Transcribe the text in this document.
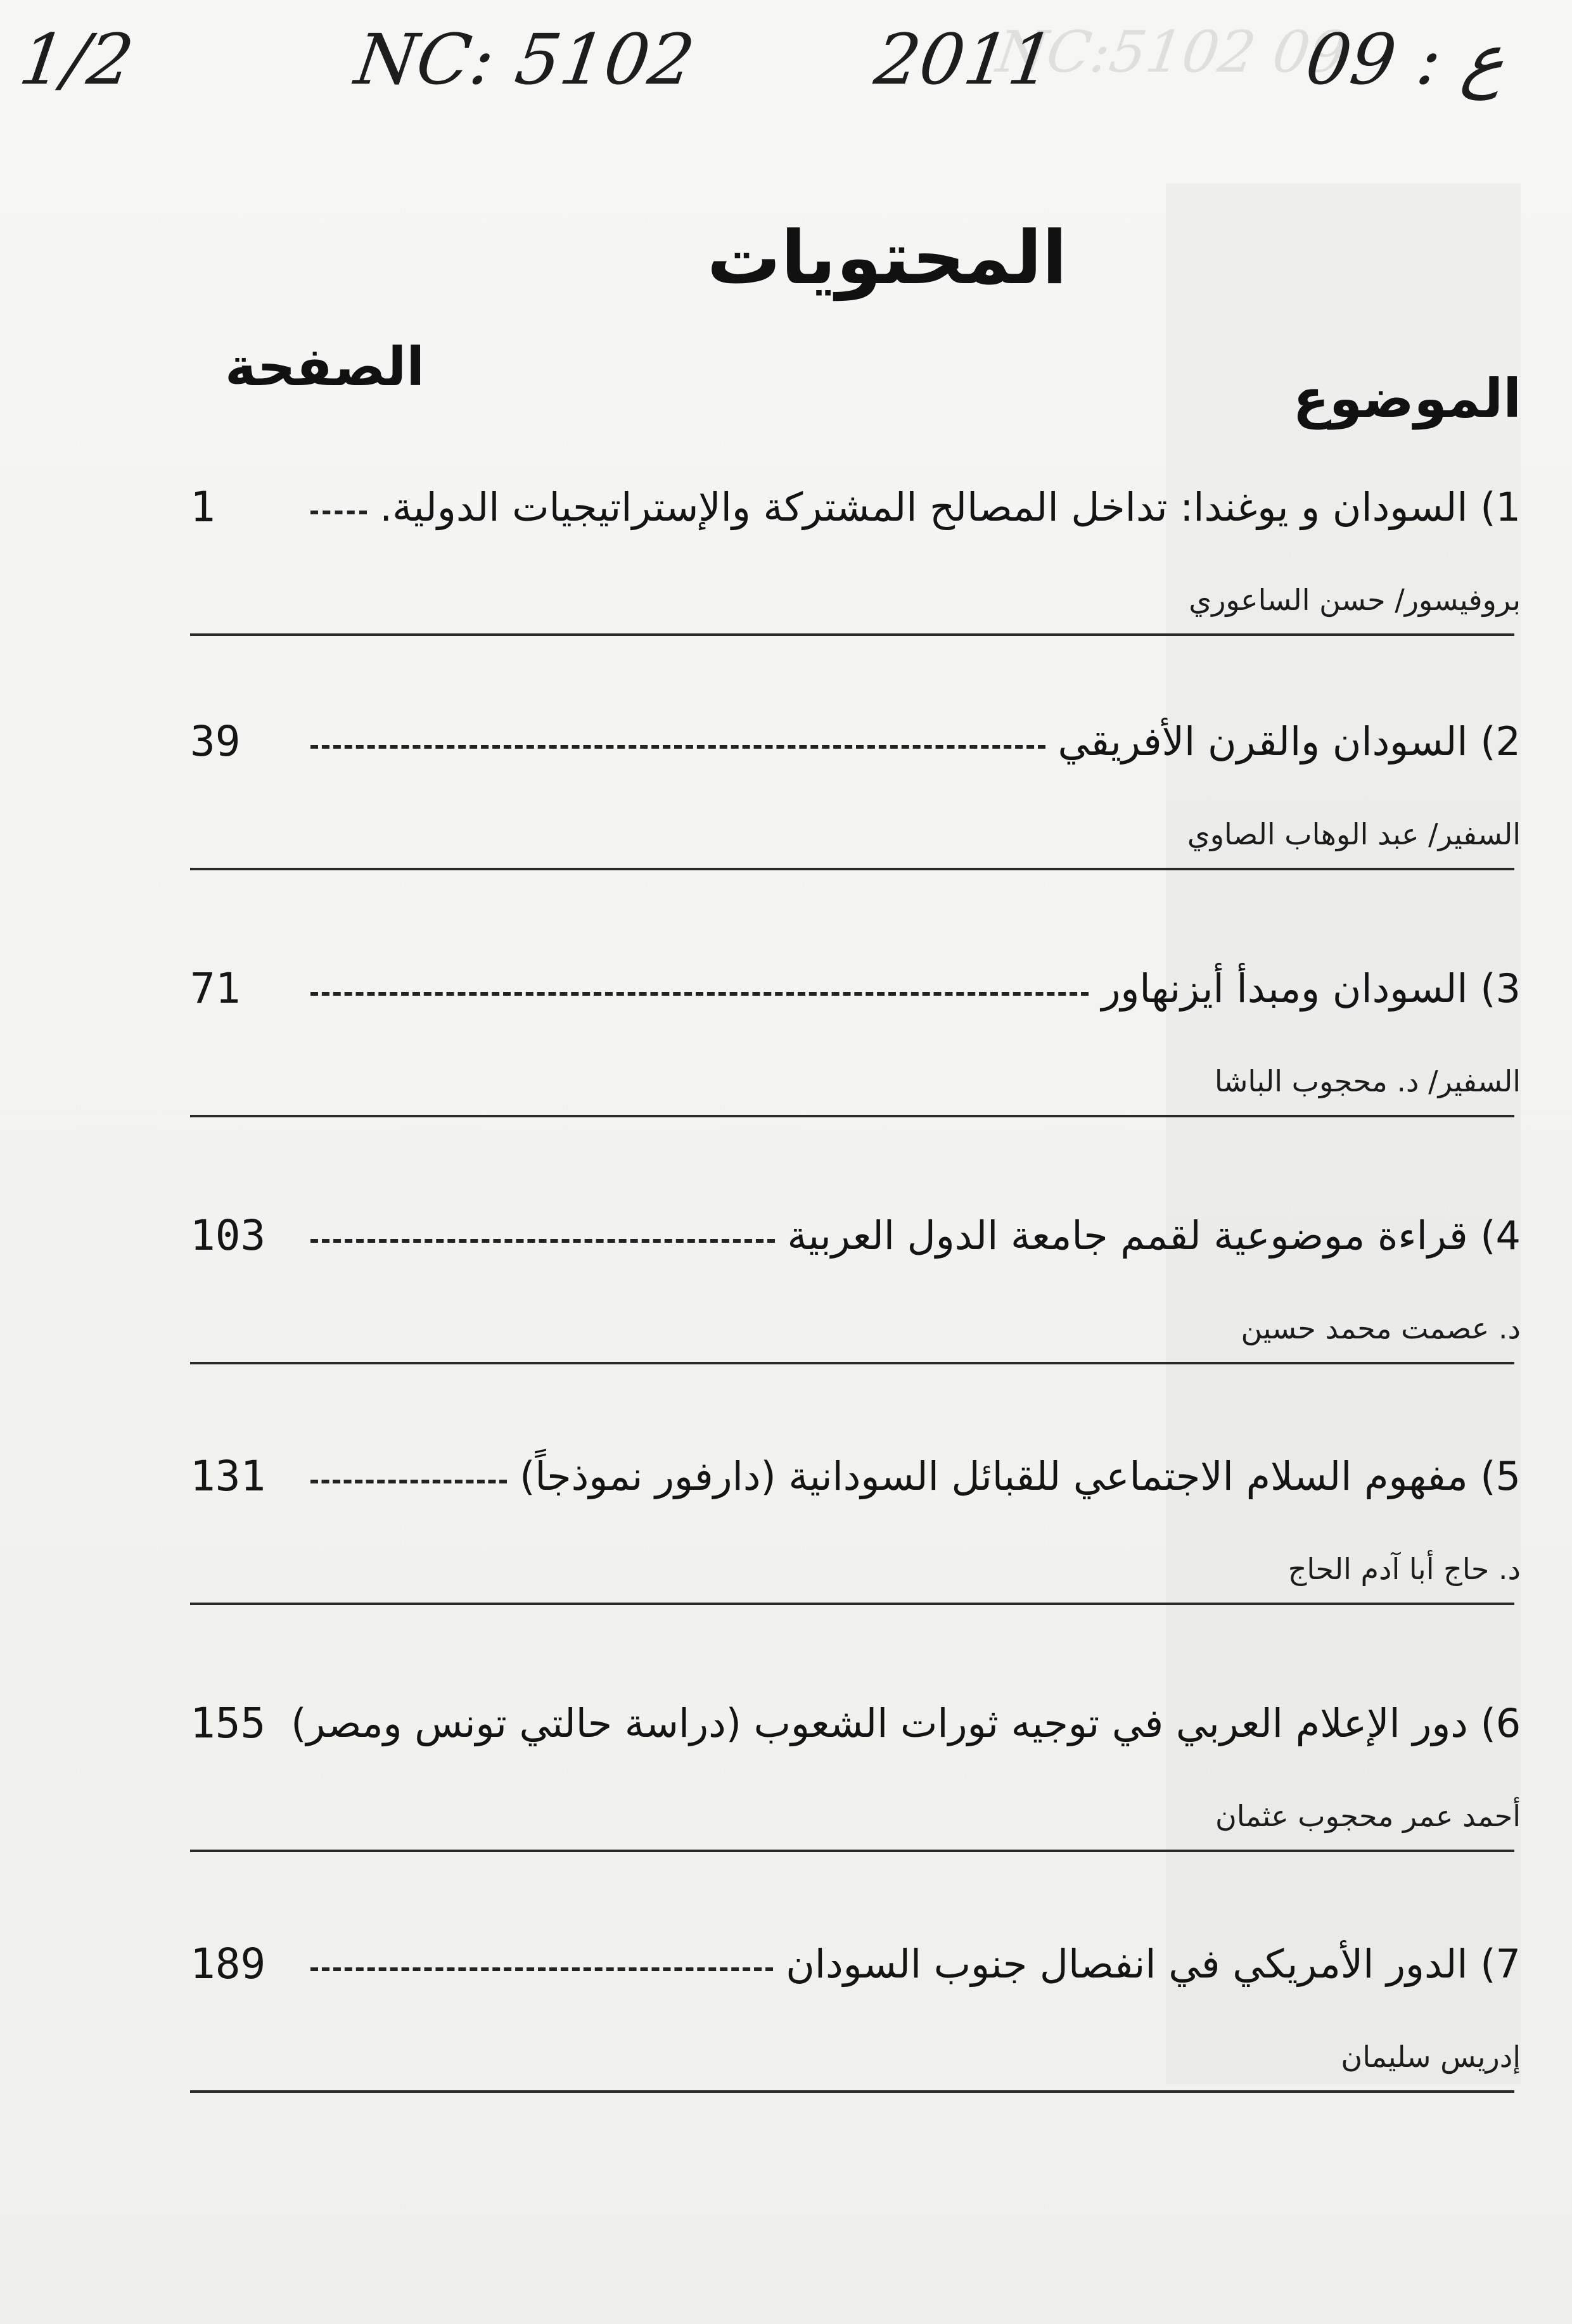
1/2	NC: 5102 2011
NC:5102 09
09 : ع
المحتويات
الصفحة
الموضوع
1	1) السودان و يوغندا: تداخل المصالح المشتركة والإستراتيجيات الدولية.
بروفيسور/ حسن الساعوري
39	2) السودان والقرن الأفريقي
السفير/ عبد الوهاب الصاوي
71	3) السودان ومبدأ أيزنهاور
السفير/ د. محجوب الباشا
103	4) قراءة موضوعية لقمم جامعة الدول العربية
د. عصمت محمد حسين
131	5) مفهوم السلام الاجتماعي للقبائل السودانية (دارفور نموذجاً)
د. حاج أبا آدم الحاج
155 6) دور الإعلام العربي في توجيه ثورات الشعوب (دراسة حالتي تونس ومصر)
أحمد عمر محجوب عثمان
189	7) الدور الأمريكي في انفصال جنوب السودان
إدريس سليمان
